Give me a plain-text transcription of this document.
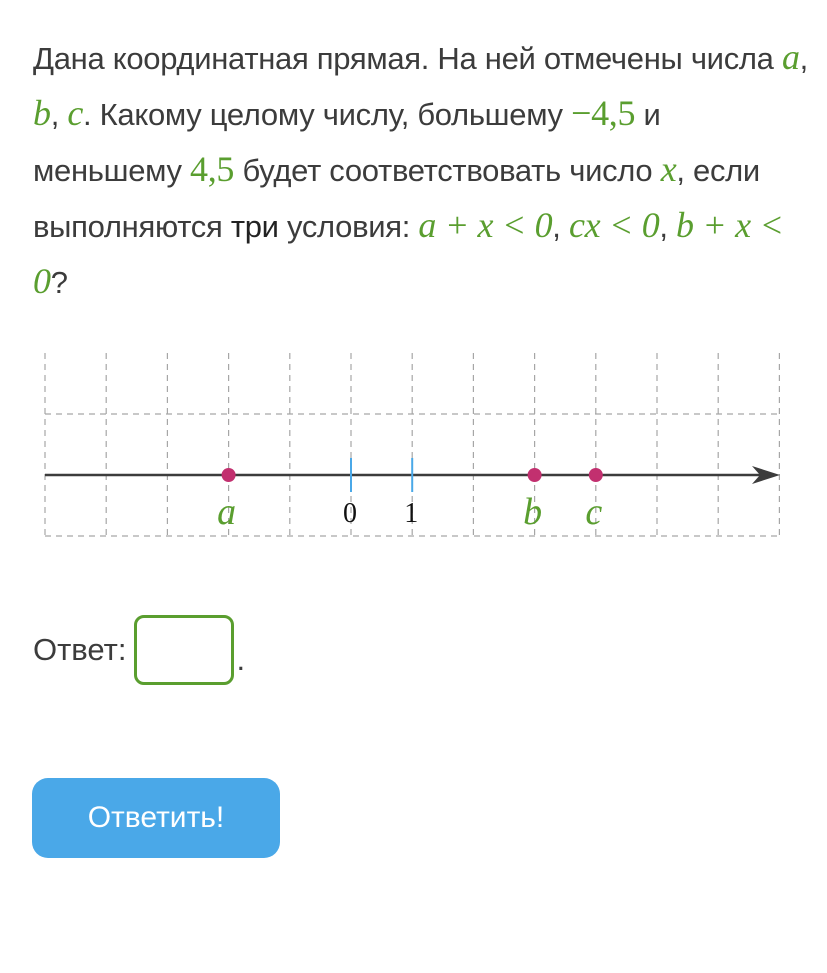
Дана координатная прямая. На ней отмечены числа a, b, c. Какому целому числу, большему −4,5 и меньшему 4,5 будет соответствовать число x, если выполняются три условия: a + x < 0, cx < 0, b + x < 0?
0 1
a	b c
Ответ:	.
Ответить!
